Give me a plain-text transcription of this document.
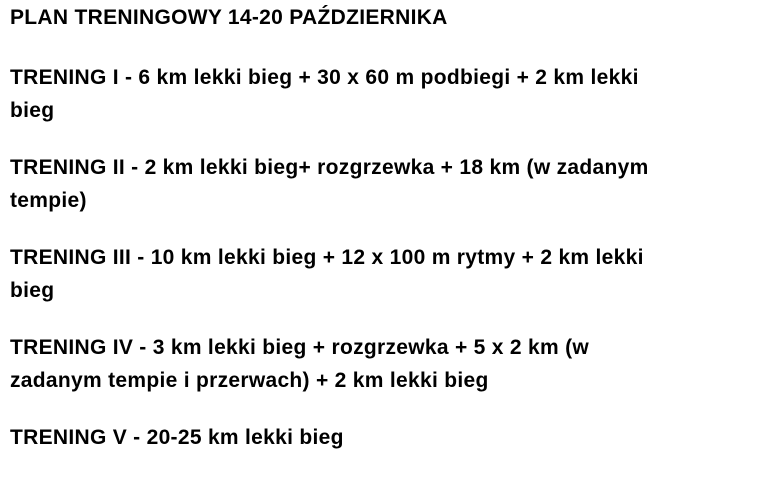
PLAN TRENINGOWY 14-20 PAŹDZIERNIKA

TRENING I - 6 km lekki bieg + 30 x 60 m podbiegi + 2 km lekki
bieg

TRENING II - 2 km lekki bieg+ rozgrzewka + 18 km (w zadanym
tempie)

TRENING III - 10 km lekki bieg + 12 x 100 m rytmy + 2 km lekki
bieg

TRENING IV - 3 km lekki bieg + rozgrzewka + 5 x 2 km (w
zadanym tempie i przerwach) + 2 km lekki bieg

TRENING V - 20-25 km lekki bieg
